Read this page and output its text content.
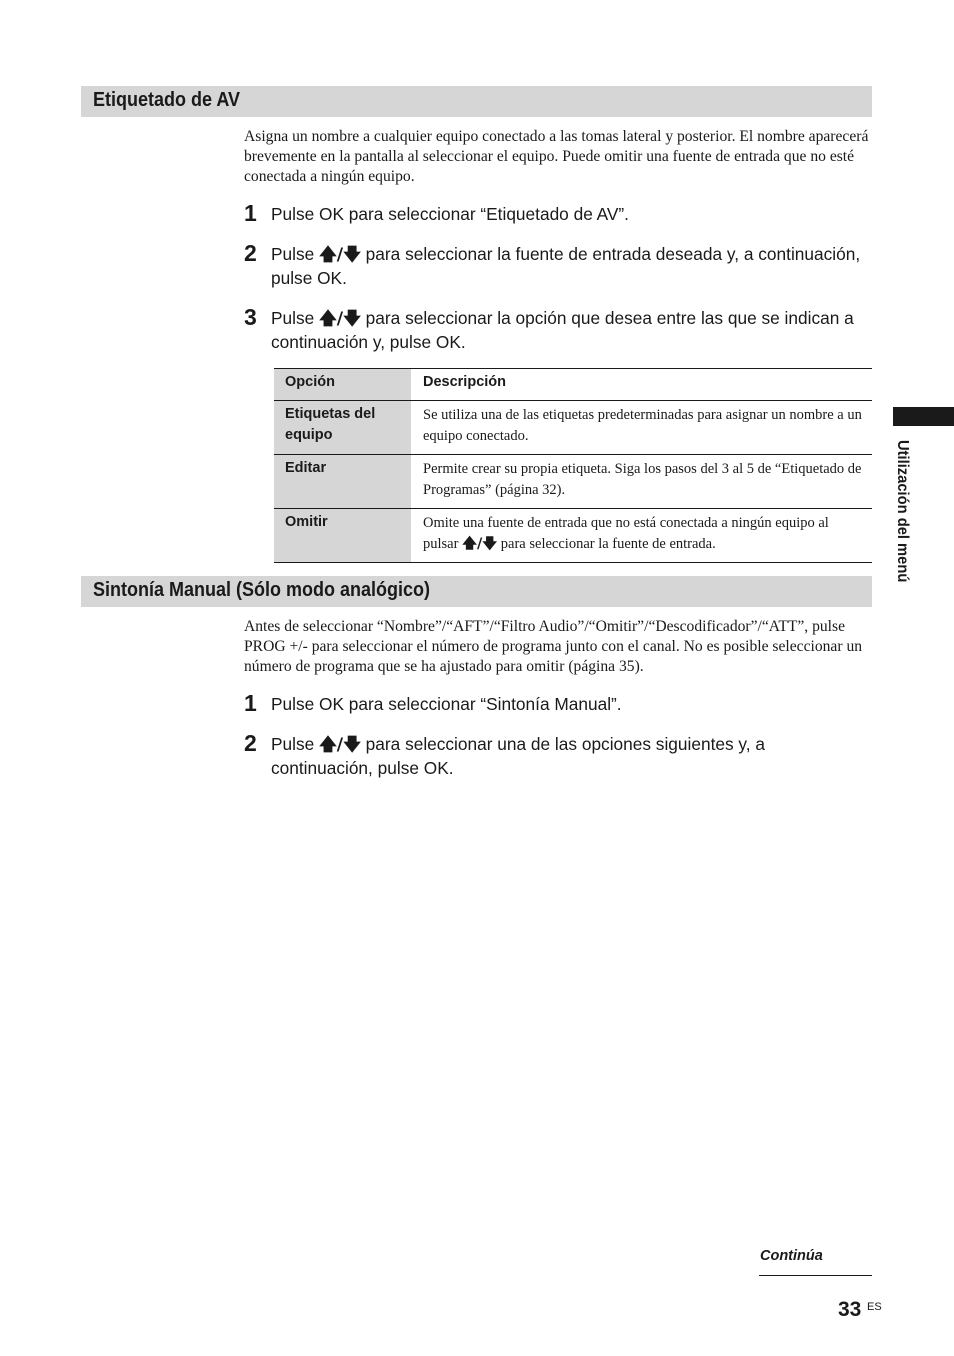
Etiquetado de AV
Asigna un nombre a cualquier equipo conectado a las tomas lateral y posterior. El nombre aparecerá brevemente en la pantalla al seleccionar el equipo. Puede omitir una fuente de entrada que no esté conectada a ningún equipo.
1 Pulse OK para seleccionar “Etiquetado de AV”.
2 Pulse 🡅/🡇 para seleccionar la fuente de entrada deseada y, a continuación, pulse OK.
3 Pulse 🡅/🡇 para seleccionar la opción que desea entre las que se indican a continuación y, pulse OK.
Opción	Descripción
Etiquetas del equipo	Se utiliza una de las etiquetas predeterminadas para asignar un nombre a un equipo conectado.
Editar	Permite crear su propia etiqueta. Siga los pasos del 3 al 5 de “Etiquetado de Programas” (página 32).
Omitir	Omite una fuente de entrada que no está conectada a ningún equipo al pulsar 🡅/🡇 para seleccionar la fuente de entrada.
Sintonía Manual (Sólo modo analógico)
Antes de seleccionar “Nombre”/“AFT”/“Filtro Audio”/“Omitir”/“Descodificador”/“ATT”, pulse PROG +/- para seleccionar el número de programa junto con el canal. No es posible seleccionar un número de programa que se ha ajustado para omitir (página 35).
1 Pulse OK para seleccionar “Sintonía Manual”.
2 Pulse 🡅/🡇 para seleccionar una de las opciones siguientes y, a continuación, pulse OK.
Utilización del menú
Continúa
33 ES
